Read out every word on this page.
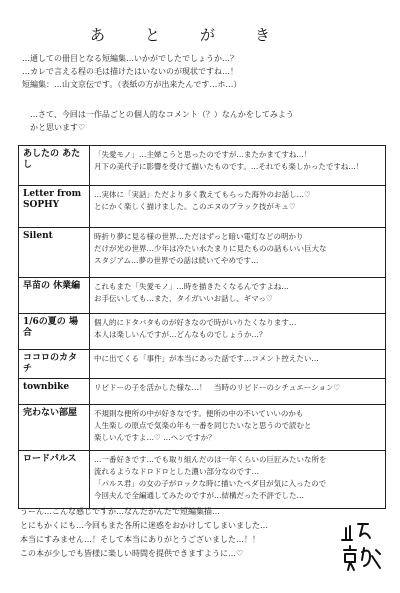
あとがき
…通しての冊目となる短編集…いかがでしたでしょうか…？
…カレで言える程の毛は描けたはいないのが現状ですね…！
短編集：…山文京伝です。（表紙の方が出来たんです…ホ…）
…さて、今回は一作品ごとの個人的なコメント（？）なんかをしてみよう
かと思います♡
あしたの あたし	「失愛モノ」…主婦こうと思ったのですが…またかまてすね…！
月下の美代子に影響を受けて描いたものです。…それでも楽しかったですね…！

Letter from SOPHY	…実体に「実話」ただより多く教えてもらった海外のお話し…♡
とにかく楽しく描けました。このエヌのブラック技がキュ♡

Silent	時折り夢に見る様の世界…ただはずっと暗い電灯などの明かり
だけが光の世界…少年は冷たい水たまりに見たものの話もいい巨大な
スタジアム…夢の世界での話は続いてやめです…

早苗の 休業編	これもまた「失愛モノ」…時を描きたくなるんですよね…
お手伝いしても…また、タイガいいお話し、ギマっ♡

1/6の夏の 場合	個人的にドタバタものが好きなので時がいりたくなります…
本人は楽しいんですが…どんなものでしょうか…？

ココロのカタチ	中に出てくる「事件」が本当にあった話です…コメント控えたい…

townbike	リビドーの子を活かした様な…！　当時のリビドーのシチュエーション♡

完わない部屋	不規則な便所の中が好きなです。便所の中の不いていいのかも
人生楽しの原点で気楽の年も一番を同じたいなと思うので読むと
楽しいんですよ…♡ …ヘンですか？

ロードパルス	…一番好きです…でも取り組んだのは一年くらいの巨匠みたいな所を
流れるようなドロドロとした濃い部分なのです…
「パルス君」の女の子がロックな時に描いたペダ目が気に入ったので
今回夫んで全編通してみたのですが…結構だった不評でした…
うーん…こんな感じですか…なんだかんだで短編集描…
とにもかくにも…今回もまた各所に迷惑をおかけしてしまいました…
本当にすみません…！そして本当にありがとうございました…！！
この本が少しでも皆様に楽しい時間を提供できますように…♡
